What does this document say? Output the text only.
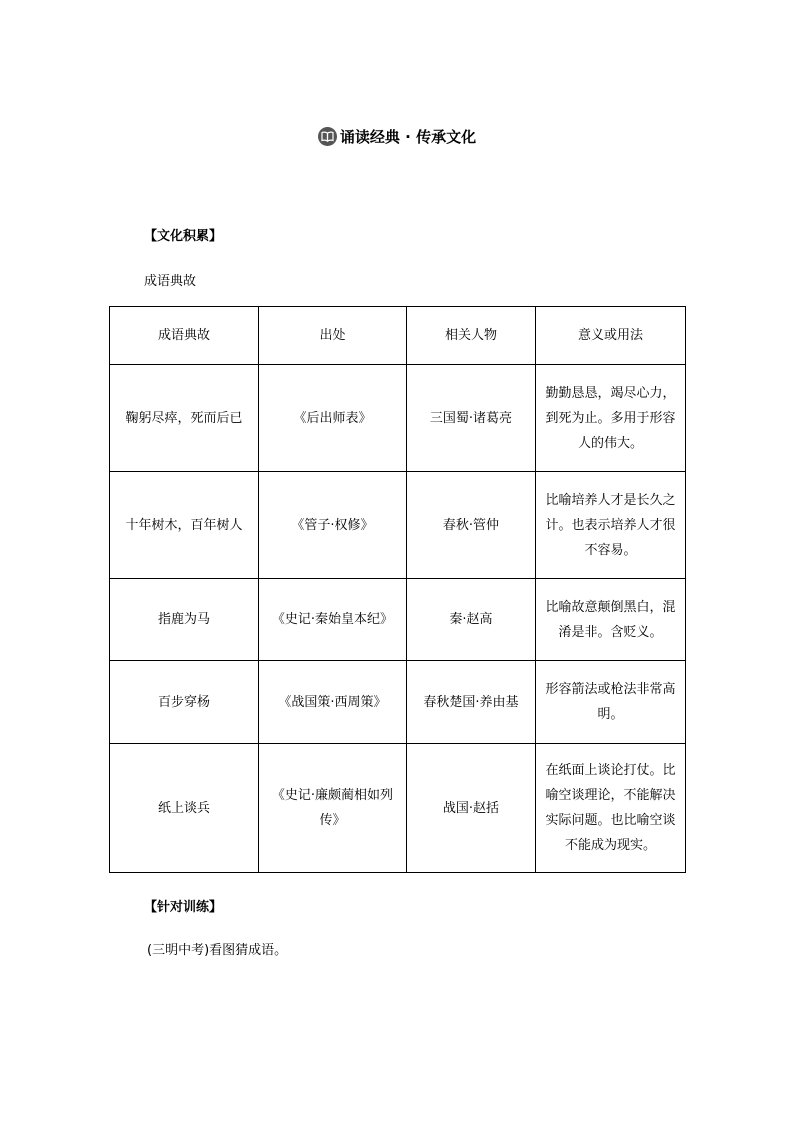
诵读经典 · 传承文化
【文化积累】
成语典故
成语典故	出处	相关人物	意义或用法
鞠躬尽瘁，死而后已	《后出师表》	三国蜀·诸葛亮	勤勤恳恳，竭尽心力，到死为止。多用于形容人的伟大。
十年树木，百年树人	《管子·权修》	春秋·管仲	比喻培养人才是长久之计。也表示培养人才很不容易。
指鹿为马	《史记·秦始皇本纪》	秦·赵高	比喻故意颠倒黑白，混淆是非。含贬义。
百步穿杨	《战国策·西周策》	春秋楚国·养由基	形容箭法或枪法非常高明。
纸上谈兵	《史记·廉颇蔺相如列传》	战国·赵括	在纸面上谈论打仗。比喻空谈理论，不能解决实际问题。也比喻空谈不能成为现实。
【针对训练】
(三明中考)看图猜成语。
